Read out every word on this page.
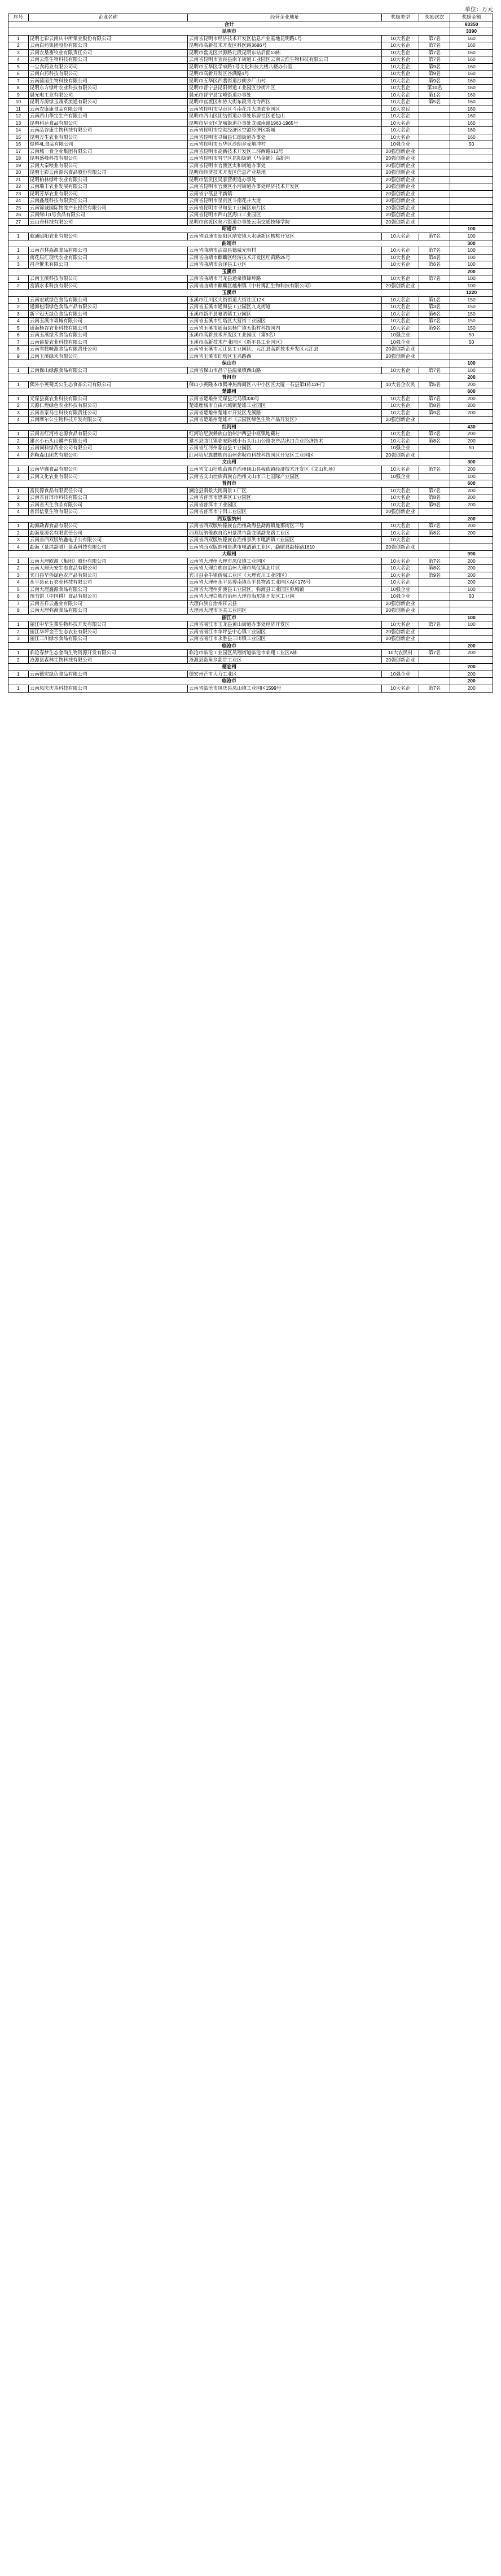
单位：万元
序号	企业名称	经营企业地址	奖励类型	奖励次次	奖励金额
合计					93350
昆明市					3390
1	昆明七彩云南庆中所菜业股份有限公司	云南省昆明市经济技术开发区信息产业基地昆明路1号	10大名企	第7名	160
2	云南白药集团股份有限公司	昆明市高新技术开发区科医路3686号	10大名企	第7名	160
3	云南农垦畜牧业有限责任公司	昆明市盘龙区兴源路北段昆明东站后面13栋	10大名企	第7名	160
4	云南云淮生物科技有限公司	云南省昆明市宜良县南羊街道工业园区云南云淮生物科技有限公司	10大名企	第7名	160
5	一尘食药业有限公司司	昆明市五华区学府路1号文化科技大楼八楼办公室	10大名企	第9名	160
6	云南白药科技有限公司	昆明市高新开发区谷满路1号	10大名企	第9名	160
7	云南菌菌生物科技有限公司	昆明市五华区西翥街道沙朗乡厂山村	10大名企	第9名	160
8	昆明东方绿叶农业科技有限公司	昆明市晋宁县昆阳街道工业园区沙街片区	10大名企	第10名	160
9	晨光电工业有限公司	晨光市晋宁县宝峰街道办事处	10大名企	第1名	160
10	昆明万源绿玉蔬菜流通有限公司	昆明市官渡区和协大街东段青龙寺西区	10大名企	第5名	160
11	云南农康康食品有限公司	云南省昆明市呈贡区斗南花卉大道农业园区	10大农民		160
12	云南西山华宝生产有限公司	昆明市西山区团结街道办事处乐居社区老包山	10大名企		160
13	昆明科达食品有限公司	昆明市呈贡区龙城街道办事处龙城南路1960-1965号	10大名企		160
14	云南品谷康生物科技有限公司	云南省昆明市空港经济区空港经济区新城	10大名企		160
15	昆明万生农业有限公司	云南省昆明市寻甸县仁德街道办事处	10大名企		160
16	煜辉4L食品有限公司	云南省昆明市五华区沙朗乡麦地冲村	10强企业		50
17	云南城一食企业集团有限公司	云南省昆明市高新技术开发区二环西路512号	20强创新企业		
18	昆明盛峰科技有限公司	云南省昆明市晋宁区昆阳街道（马金铺）高新园	20强创新企业		
19	云南大秦粮业有限公司	云南省昆明市官渡区太和街道办事处	20强创新企业		
20	昆明七彩云南源兴食品股份有限公司	昆明市经济技术开发区信息产业基地	20强创新企业		
21	昆明柏林绿叶农业有限公司	昆明市呈贡区吴家营街道办事处	20强创新企业		
22	云南瑞丰农业发展有限公司	云南省昆明市官渡区小河街道办事处经济技术开发区	20强创新企业		
23	昆明芳华农业有限公司	云南省宁蒗县平新镇	20强创新企业		
24	云南鑫晟科技有限责任公司	云南省昆明市呈贡区斗南花卉大道	20强创新企业		
25	云南锦诚国际物流产业投资有限公司	云南省昆明市寻甸县工业园区东片区	20强创新企业		
26	云南绿山1号食品有限公司	云南省昆明市西山区海口工业园区	20强创新企业		
27	云山舟科技有限公司	昆明市官渡区矣六街道办事处云南交通技师学院	20强创新企业		
昭通市					100
1	昭通昭阳农业有限公司	云南省昭通市昭阳区靖安镇大水塘新区核桃开发区	10大名企	第7名	100
曲靖市					300
1	云南吉林森源食品有限公司	云南省曲靖市沾益县德威光明村	10大名企	第7名	100
2	南花辰汇现代农业有限公司	云南省曲靖市麒麟区经济技术开发区红苗路25号	10大名企	第4名	100
3	昌合繁米有限公司	云南省曲靖市会泽县工业区	10大名企	第6名	100
玉溪市					200
1	云南玉溪科技有限公司	云南省曲靖市马龙县通泉镇锦坤路	10大名企	第7名	100
2	富滇水术科技有限公司	云南省曲靖市麒麟区越州镇《中村博汇生物科技有限公司》	20强创新企业		100
玉溪市					1220
1	云南宏斌绿色食品有限公司	玉溪市江川区大街街道大街社区12K	10大名企	第1名	150
2	通海松南绿色食品产品有限公司	云南省玉溪市通海县工业园区九龙街道	10大名企	第3名	150
3	新平冠天绿色食品有限公司	玉溪市新平县戛洒镇工业园区	10大名企	第6名	150
4	云南玉溪市森城有限公司	云南省玉溪市红塔区大营街工业园区	10大名企	第7名	150
5	通海杨谷农业科技有限公司	云南省玉溪市通海县杨广镇五街村科技园内	10大名企	第9名	150
6	云南玉溪绿禾食品有限公司	玉溪市高新技术开发区工业园区（第9名）	10强企业		50
7	云南酱帮农业科技有限公司	玉溪市高新技术产业园区《新平县工业园区》	10强企业		50
8	云南雪糕味源食品有限责任公司	云南省玉溪市元江县工业园区，元江县高新技术开发区元江县	20强创新企业		
9	云南玉溪绿禾有限公司	云南省玉溪市红塔区玉兴路西	20强创新企业		
保山市					100
1	云南保山绿源食品有限公司	云南省保山市昌宁县温泉镇西山路	10大名企	第7名	100
普洱市					200
1	熙外小英菊类公生态食品公司有限公司	保山小英隆本市腾冲热海商区八中小区区大厦一石县第1栋12F门	10大名企农民	第5名	200
楚雄州					600
1	元谋县赛农业科技有限公司	云南省楚雄州元谋县元马镇330号	10大名企	第7名	200
2	天源仁煌绿色农业科技有限公司	楚雄鹿城市自由六城镇楚雄工业园区	10大名企	第8名	200
3	云南省家马生科技有限责任公司	云南省楚雄州楚雄市开发区龙溪路	10大名企	第9名	200
4	云南摩尔公生物科技开发有限公司	云南省楚雄州楚雄市《云园区绿色生物产品开发区》	20强创新企业		
红河州					430
1	云南省红河州宏源食品有限公司	红河哈尼族彝族自治州泸西县中枢镇地藏村	10大名企	第7名	200
2	建水小石头山麟产有限公司	建水县曲江镇临安路城小石头山山公路农产品出口企业经济技术	10大名企	第8名	200
3	云南饲料绿苗业公司有限公司	云南省红河州蒙自县工业园区	10强企业		50
4	弥勒森山团艺有限公司	红河哈尼族彝族自治州弥勒市科技科技园区开发区工业园区	20强创新企业		
文山州					300
1	云南华鑫食品有限公司	云南省文山壮族苗族自治州砚山县稼依镇经济技术开发区《文山机场》	10大名企	第7名	200
2	云南文化农业有限公司	云南省文山壮族苗族自治州文山市三七国际产业园区	10强企业		100
普洱市					600
1	富民源食品有限责任公司	澜沧县南景大街南景工厂区	10大名企	第7名	200
2	云南省普洱市科技有限公司	云南省普洱市思茅区工业园区	10大名企	第8名	200
3	云南省天生食品有限公司	云南省普洱市工业园区	10大名企	第9名	200
4	普洱信堂生物有限公司	云南省普洱市宁洱工业园区	20强创新企业		
西双版纳州					200
1	勐海勐森食品有限公司	云南省西双版纳傣族自治州勐海县勐海镇曼那街区三号	10大名企	第7名	200
2	勐海曼源名有限责任公司	西双版纳傣族自治州景洪市勐龙镇勐龙路工业区	10大名企	第8名	200
3	云南省西双版纳鑫电子公有限公司	云南省西双版纳傣族自治州景洪市嘎洒镇工业园区	10大名企		
4	勐海（景洪勐腊）景森科技有限公司	云南省西双版纳州景洪市嘎洒镇工业区，勐腊县勐捧路1610	20强创新企业		
大理州					990
1	云南大理欧源（集团）股份有限公司	云南省大理州大理市凤仪镇工业园区	10大名企	第7名	200
2	云南大理天安生态食品有限公司	云南省大理白族自治州大理市凤仪镇北片区	10大名企	第8名	200
3	宾川县华侨绿色农产品有限公司	宾川县金牛镇侨城工业区《大理宾川工业园区》	10大名企	第9名	200
4	永平县花石农业科技有限公司	云南省大理州永平县博南镇永平县物流工业园区A区176号	10大名企		200
5	云南大理鑫源食品有限公司	云南省大理州弥渡县工业园区，弥渡县工业园区弥城镇	10强企业		100
6	图书馆（中国耕）食品有限公司	云南省大理白族自治州大理市海东镇开发区工业园	10强企业		50
7	云南省祥云鑫业有限公司	大理白族自治州祥云县	20强创新企业		
8	云南大理弥渡食品有限公司	大理州大理市下关工业园区	20强创新企业		
丽江市					100
1	丽江中华生菜生物科技开发有限公司	云南省丽江市玉龙县黄山街道办事处经济开发区	10大名企	第7名	100
2	丽江华坪金芒生态农业有限公司	云南省丽江市华坪县中心镇工业园区	20强创新企业		
3	丽江三川绿水食品有限公司	云南省丽江市永胜县三川镇工业园区	20强创新企业		
临沧市					200
1	临沧春梦生态金尚生物资源开发有限公司	临沧市临沧工业园区凤翔街道临沧市临翔工业区A栋	10大农民村	第7名	200
2	沧源县森林生物科技有限公司	沧源县勐角乡勐甘工业区	20强创新企业		
德宏州					200
1	云南德宏绿色食品有限公司	德宏州芒市大力工业区	10强企业		200
临沧市					200
1	云南凤庆庆茶科技有限公司	云南省临沧市凤庆县凤山镇工业园区1599号	10大名企	第7名	200
